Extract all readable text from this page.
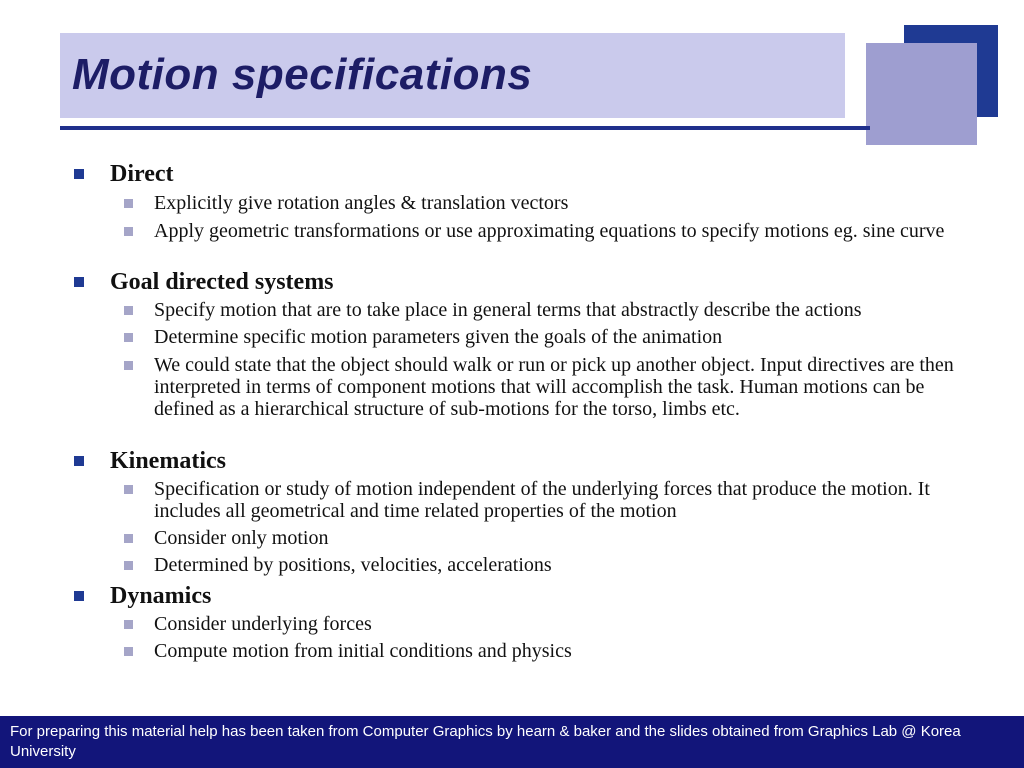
Motion specifications
Direct
Explicitly give rotation angles & translation vectors
Apply geometric transformations or use approximating equations to specify motions eg. sine curve
Goal directed systems
Specify motion that are to take place in general terms that abstractly describe the actions
Determine specific motion parameters given the goals of the animation
We could state that the object should walk or run or pick up another object. Input directives are then interpreted in terms of component motions that will accomplish the task. Human motions can be defined as a hierarchical structure of sub-motions for the torso, limbs etc.
Kinematics
Specification or study of motion independent of the underlying forces that produce the motion. It includes all geometrical and time related properties of the motion
Consider only motion
Determined by positions, velocities, accelerations
Dynamics
Consider underlying forces
Compute motion from initial conditions and physics
For preparing this material help has been taken from Computer Graphics by hearn & baker and the slides obtained from Graphics Lab @ Korea University
